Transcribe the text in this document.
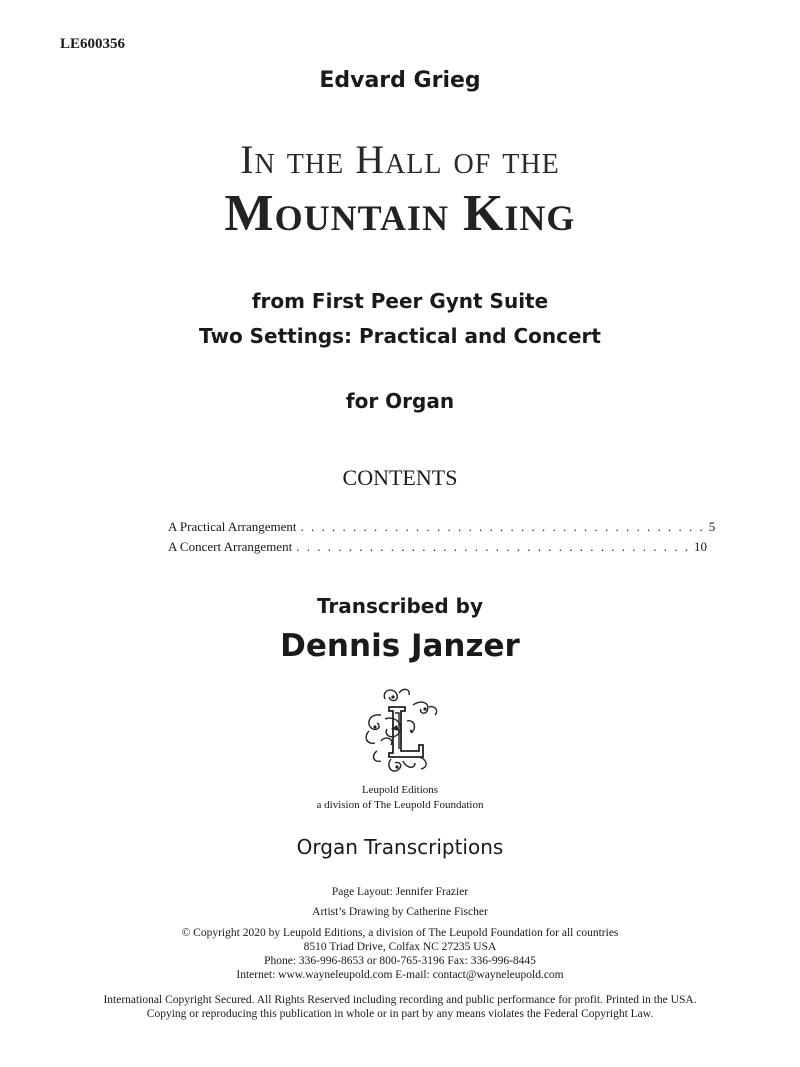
LE600356
Edvard Grieg
In the Hall of the
Mountain King
from First Peer Gynt Suite
Two Settings: Practical and Concert
for Organ
CONTENTS
A Practical Arrangement . . . . . . . . . . . . . . . . . . . . . . . . . . . . . . . . . . . . . . . 5
A Concert Arrangement . . . . . . . . . . . . . . . . . . . . . . . . . . . . . . . . . . . . . . 10
Transcribed by
Dennis Janzer
Leupold Editions
a division of The Leupold Foundation
Organ Transcriptions
Page Layout: Jennifer Frazier
Artist’s Drawing by Catherine Fischer
© Copyright 2020 by Leupold Editions, a division of The Leupold Foundation for all countries
8510 Triad Drive, Colfax NC 27235 USA
Phone: 336-996-8653 or 800-765-3196 Fax: 336-996-8445
Internet: www.wayneleupold.com E-mail: contact@wayneleupold.com
International Copyright Secured. All Rights Reserved including recording and public performance for profit. Printed in the USA.
Copying or reproducing this publication in whole or in part by any means violates the Federal Copyright Law.
